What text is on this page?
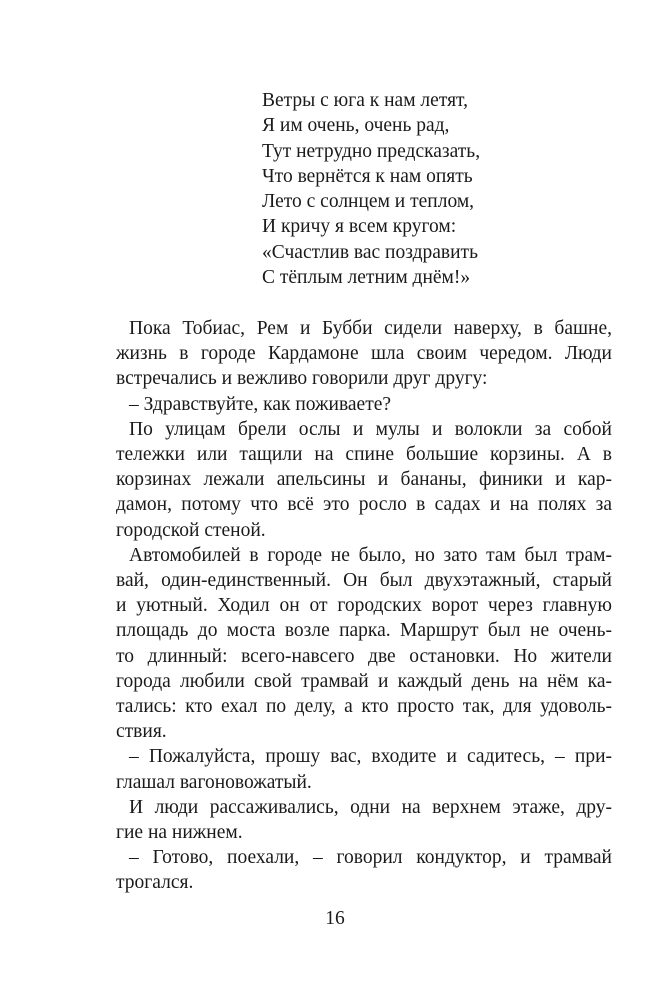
Ветры с юга к нам летят,
Я им очень, очень рад,
Тут нетрудно предсказать,
Что вернётся к нам опять
Лето с солнцем и теплом,
И кричу я всем кругом:
«Счастлив вас поздравить
С тёплым летним днём!»
Пока Тобиас, Рем и Бубби сидели наверху, в башне,
жизнь в городе Кардамоне шла своим чередом. Люди
встречались и вежливо говорили друг другу:
– Здравствуйте, как поживаете?
По улицам брели ослы и мулы и волокли за собой
тележки или тащили на спине большие корзины. А в
корзинах лежали апельсины и бананы, финики и кар-
дамон, потому что всё это росло в садах и на полях за
городской стеной.
Автомобилей в городе не было, но зато там был трам-
вай, один-единственный. Он был двухэтажный, старый
и уютный. Ходил он от городских ворот через главную
площадь до моста возле парка. Маршрут был не очень-
то длинный: всего-навсего две остановки. Но жители
города любили свой трамвай и каждый день на нём ка-
тались: кто ехал по делу, а кто просто так, для удоволь-
ствия.
– Пожалуйста, прошу вас, входите и садитесь, – при-
глашал вагоновожатый.
И люди рассаживались, одни на верхнем этаже, дру-
гие на нижнем.
– Готово, поехали, – говорил кондуктор, и трамвай
трогался.
16
